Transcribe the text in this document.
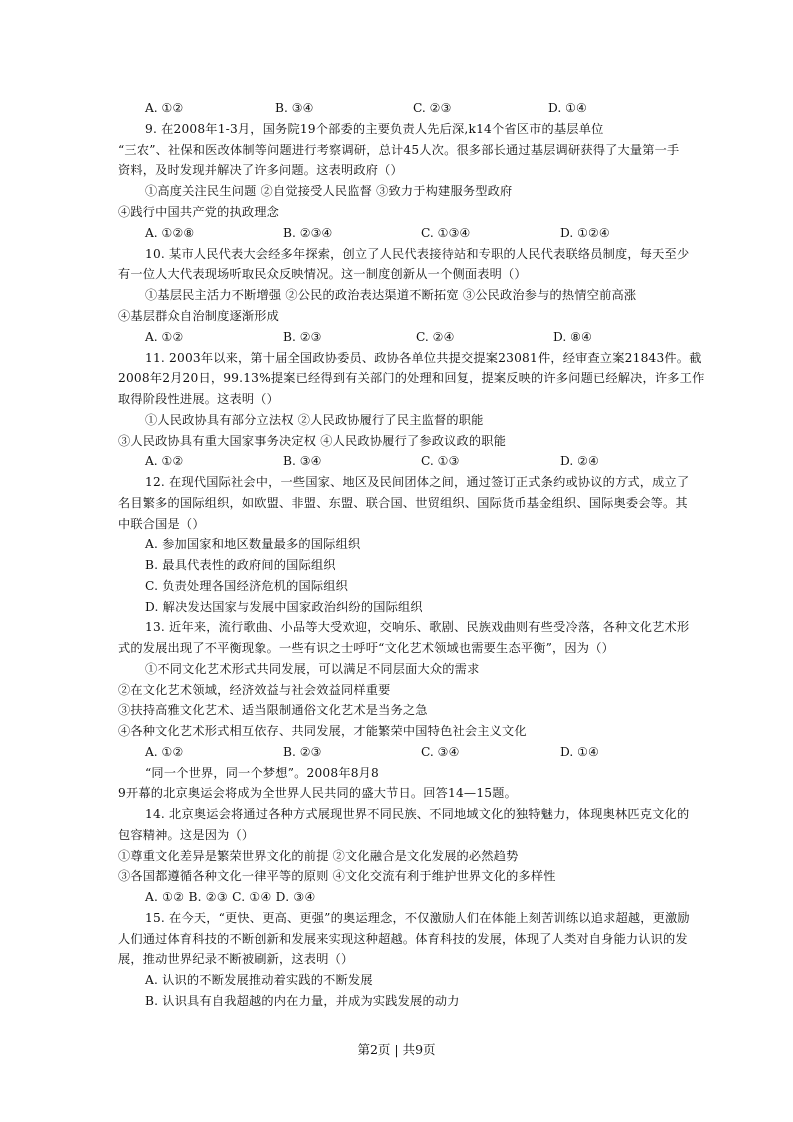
A. ①②	B. ③④	C. ②③	D. ①④
9. 在2008年1-3月，国务院19个部委的主要负责人先后深,k14个省区市的基层单位
“三农”、社保和医改体制等问题进行考察调研，总计45人次。很多部长通过基层调研获得了大量第一手
资料，及时发现并解决了许多问题。这表明政府（）
①高度关注民生问题 ②自觉接受人民监督 ③致力于构建服务型政府
④践行中国共产党的执政理念
A. ①②⑧	B. ②③④	C. ①③④	D. ①②④
10. 某市人民代表大会经多年探索，创立了人民代表接待站和专职的人民代表联络员制度，每天至少
有一位人大代表现场听取民众反映情况。这一制度创新从一个侧面表明（）
①基层民主活力不断增强 ②公民的政治表达渠道不断拓宽 ③公民政治参与的热情空前高涨
④基层群众自治制度逐渐形成
A. ①②	B. ②③	C. ②④	D. ⑧④
11. 2003年以来，第十届全国政协委员、政协各单位共提交提案23081件，经审查立案21843件。截
2008年2月20日，99.13%提案已经得到有关部门的处理和回复，提案反映的许多问题已经解决，许多工作
取得阶段性进展。这表明（）
①人民政协具有部分立法权 ②人民政协履行了民主监督的职能
③人民政协具有重大国家事务决定权 ④人民政协履行了参政议政的职能
A. ①②	B. ③④	C. ①③	D. ②④
12. 在现代国际社会中，一些国家、地区及民间团体之间，通过签订正式条约或协议的方式，成立了
名目繁多的国际组织，如欧盟、非盟、东盟、联合国、世贸组织、国际货币基金组织、国际奥委会等。其
中联合国是（）
A. 参加国家和地区数量最多的国际组织
B. 最具代表性的政府间的国际组织
C. 负责处理各国经济危机的国际组织
D. 解决发达国家与发展中国家政治纠纷的国际组织
13. 近年来，流行歌曲、小品等大受欢迎，交响乐、歌剧、民族戏曲则有些受冷落，各种文化艺术形
式的发展出现了不平衡现象。一些有识之士呼吁“文化艺术领域也需要生态平衡”，因为（）
①不同文化艺术形式共同发展，可以满足不同层面大众的需求
②在文化艺术领域，经济效益与社会效益同样重要
③扶持高雅文化艺术、适当限制通俗文化艺术是当务之急
④各种文化艺术形式相互依存、共同发展，才能繁荣中国特色社会主义文化
A. ①②	B. ②③	C. ③④	D. ①④
“同一个世界，同一个梦想”。2008年8月8
9开幕的北京奥运会将成为全世界人民共同的盛大节日。回答14—15题。
14. 北京奥运会将通过各种方式展现世界不同民族、不同地域文化的独特魅力，体现奥林匹克文化的
包容精神。这是因为（）
①尊重文化差异是繁荣世界文化的前提 ②文化融合是文化发展的必然趋势
③各国都遵循各种文化一律平等的原则 ④文化交流有利于维护世界文化的多样性
A. ①② B. ②③ C. ①④ D. ③④
15. 在今天，“更快、更高、更强”的奥运理念，不仅激励人们在体能上刻苦训练以追求超越，更激励
人们通过体育科技的不断创新和发展来实现这种超越。体育科技的发展，体现了人类对自身能力认识的发
展，推动世界纪录不断被刷新，这表明（）
A. 认识的不断发展推动着实践的不断发展
B. 认识具有自我超越的内在力量，并成为实践发展的动力
第2页 | 共9页
